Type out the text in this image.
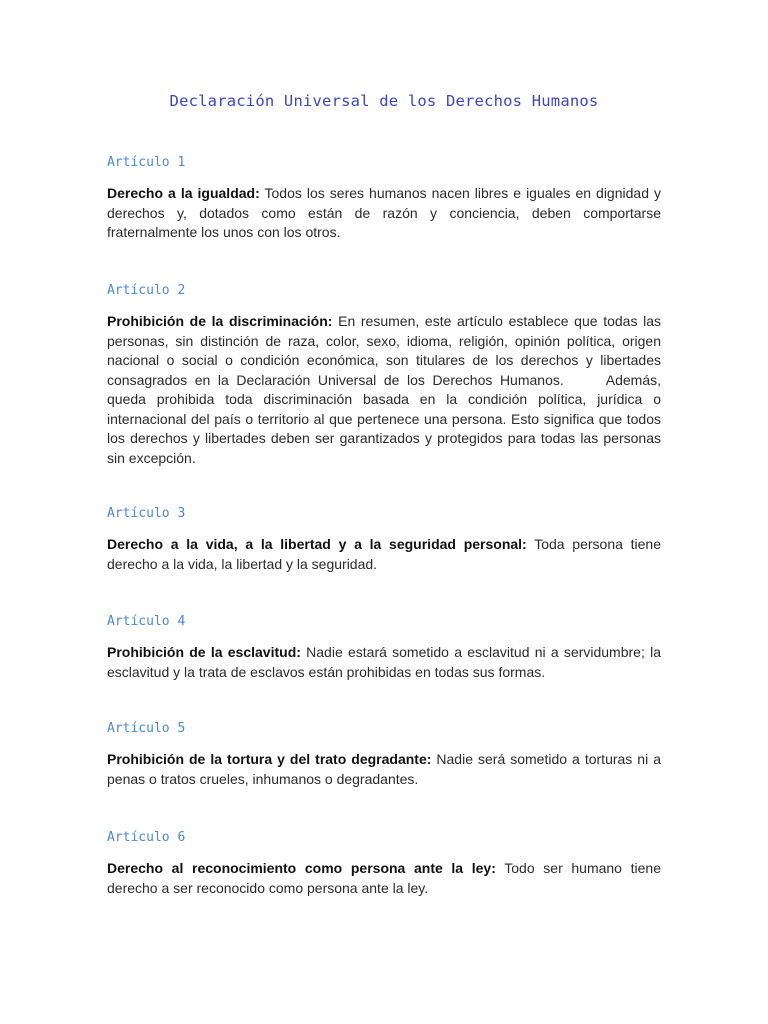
Declaración Universal de los Derechos Humanos
Artículo 1

Derecho a la igualdad: Todos los seres humanos nacen libres e iguales en dignidad y derechos y, dotados como están de razón y conciencia, deben comportarse fraternalmente los unos con los otros.

Artículo 2

Prohibición de la discriminación: En resumen, este artículo establece que todas las personas, sin distinción de raza, color, sexo, idioma, religión, opinión política, origen nacional o social o condición económica, son titulares de los derechos y libertades consagrados en la Declaración Universal de los Derechos Humanos.	Además, queda prohibida toda discriminación basada en la condición política, jurídica o internacional del país o territorio al que pertenece una persona. Esto significa que todos los derechos y libertades deben ser garantizados y protegidos para todas las personas sin excepción.

Artículo 3

Derecho a la vida, a la libertad y a la seguridad personal: Toda persona tiene derecho a la vida, la libertad y la seguridad.

Artículo 4

Prohibición de la esclavitud: Nadie estará sometido a esclavitud ni a servidumbre; la esclavitud y la trata de esclavos están prohibidas en todas sus formas.

Artículo 5

Prohibición de la tortura y del trato degradante: Nadie será sometido a torturas ni a penas o tratos crueles, inhumanos o degradantes.

Artículo 6

Derecho al reconocimiento como persona ante la ley: Todo ser humano tiene derecho a ser reconocido como persona ante la ley.
